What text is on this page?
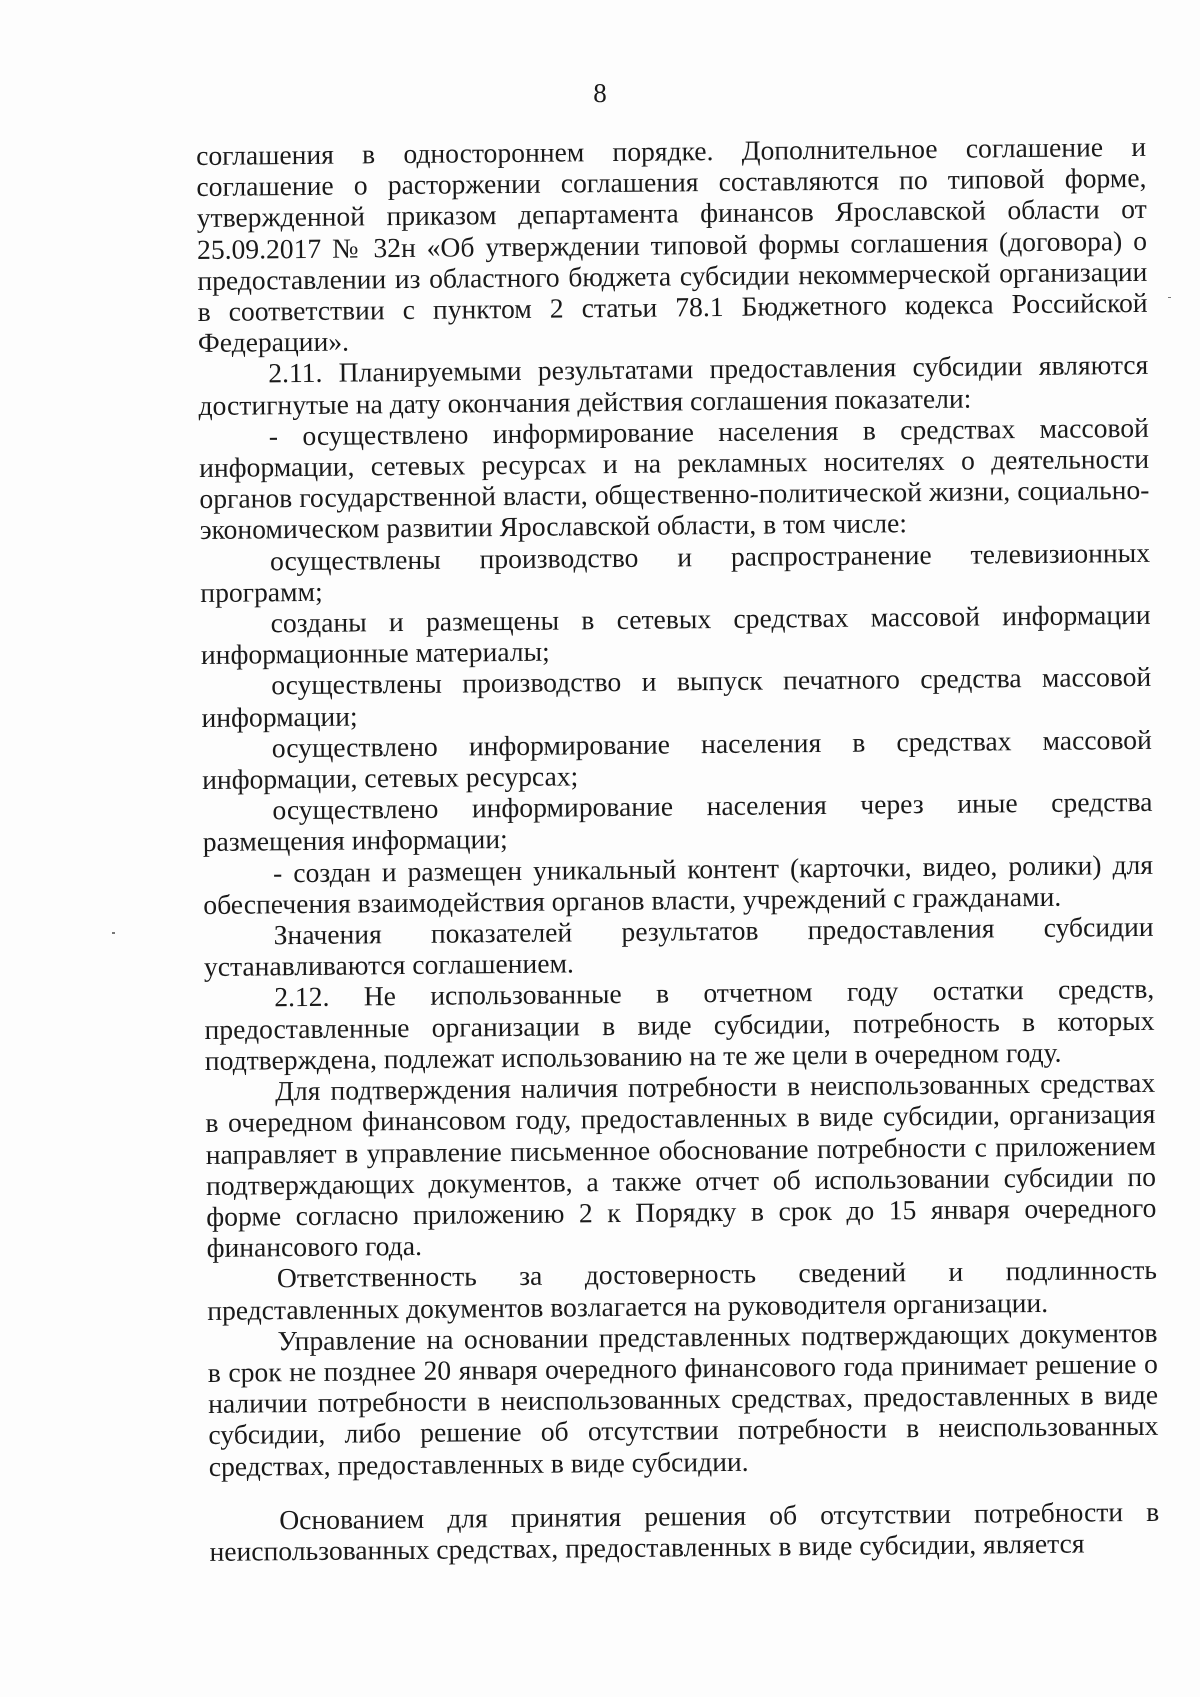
8

соглашения в одностороннем порядке. Дополнительное соглашение и соглашение о расторжении соглашения составляются по типовой форме, утвержденной приказом департамента финансов Ярославской области от 25.09.2017 № 32н «Об утверждении типовой формы соглашения (договора) о предоставлении из областного бюджета субсидии некоммерческой организации в соответствии с пунктом 2 статьи 78.1 Бюджетного кодекса Российской Федерации».

2.11. Планируемыми результатами предоставления субсидии являются достигнутые на дату окончания действия соглашения показатели:

- осуществлено информирование населения в средствах массовой информации, сетевых ресурсах и на рекламных носителях о деятельности органов государственной власти, общественно-политической жизни, социально-экономическом развитии Ярославской области, в том числе:

осуществлены производство и распространение телевизионных программ;

созданы и размещены в сетевых средствах массовой информации информационные материалы;

осуществлены производство и выпуск печатного средства массовой информации;

осуществлено информирование населения в средствах массовой информации, сетевых ресурсах;

осуществлено информирование населения через иные средства размещения информации;

- создан и размещен уникальный контент (карточки, видео, ролики) для обеспечения взаимодействия органов власти, учреждений с гражданами.

Значения показателей результатов предоставления субсидии устанавливаются соглашением.

2.12. Не использованные в отчетном году остатки средств, предоставленные организации в виде субсидии, потребность в которых подтверждена, подлежат использованию на те же цели в очередном году.

Для подтверждения наличия потребности в неиспользованных средствах в очередном финансовом году, предоставленных в виде субсидии, организация направляет в управление письменное обоснование потребности с приложением подтверждающих документов, а также отчет об использовании субсидии по форме согласно приложению 2 к Порядку в срок до 15 января очередного финансового года.

Ответственность за достоверность сведений и подлинность представленных документов возлагается на руководителя организации.

Управление на основании представленных подтверждающих документов в срок не позднее 20 января очередного финансового года принимает решение о наличии потребности в неиспользованных средствах, предоставленных в виде субсидии, либо решение об отсутствии потребности в неиспользованных средствах, предоставленных в виде субсидии.

Основанием для принятия решения об отсутствии потребности в неиспользованных средствах, предоставленных в виде субсидии, является
